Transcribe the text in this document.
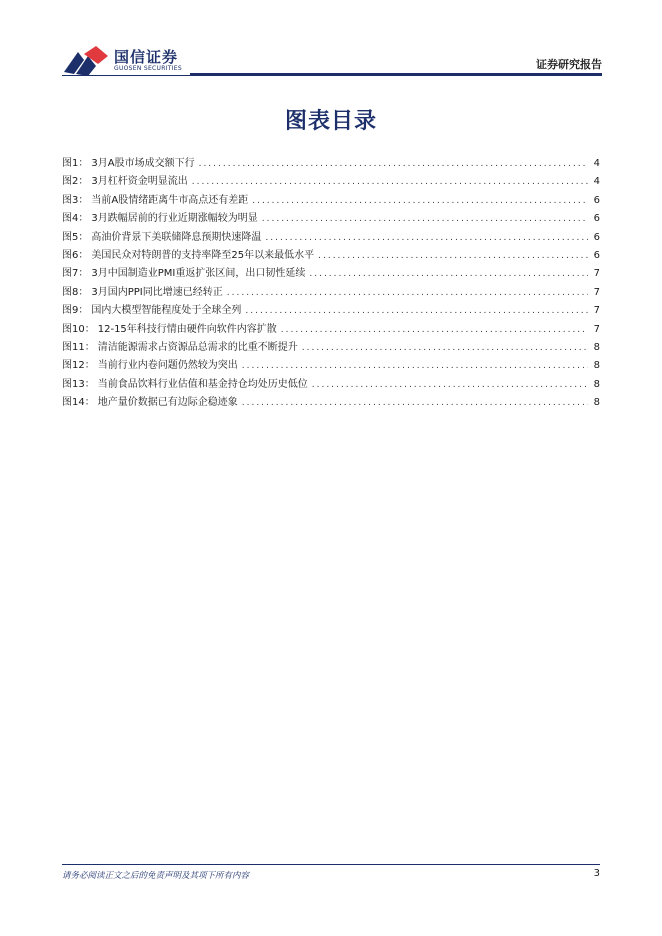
国信证券
GUOSEN SECURITIES	证券研究报告
图表目录
图1： 3月A股市场成交额下行 .....	4
图2： 3月杠杆资金明显流出 .....	4
图3： 当前A股情绪距离牛市高点还有差距 .....	6
图4： 3月跌幅居前的行业近期涨幅较为明显 .....	6
图5： 高油价背景下美联储降息预期快速降温 .....	6
图6： 美国民众对特朗普的支持率降至25年以来最低水平 .....	6
图7： 3月中国制造业PMI重返扩张区间，出口韧性延续 .....	7
图8： 3月国内PPI同比增速已经转正 .....	7
图9： 国内大模型智能程度处于全球全列 .....	7
图10： 12-15年科技行情由硬件向软件内容扩散 .....	7
图11： 清洁能源需求占资源品总需求的比重不断提升 .....	8
图12： 当前行业内卷问题仍然较为突出 .....	8
图13： 当前食品饮料行业估值和基金持仓均处历史低位 .....	8
图14： 地产量价数据已有边际企稳迹象 .....	8
请务必阅读正文之后的免责声明及其项下所有内容	3
